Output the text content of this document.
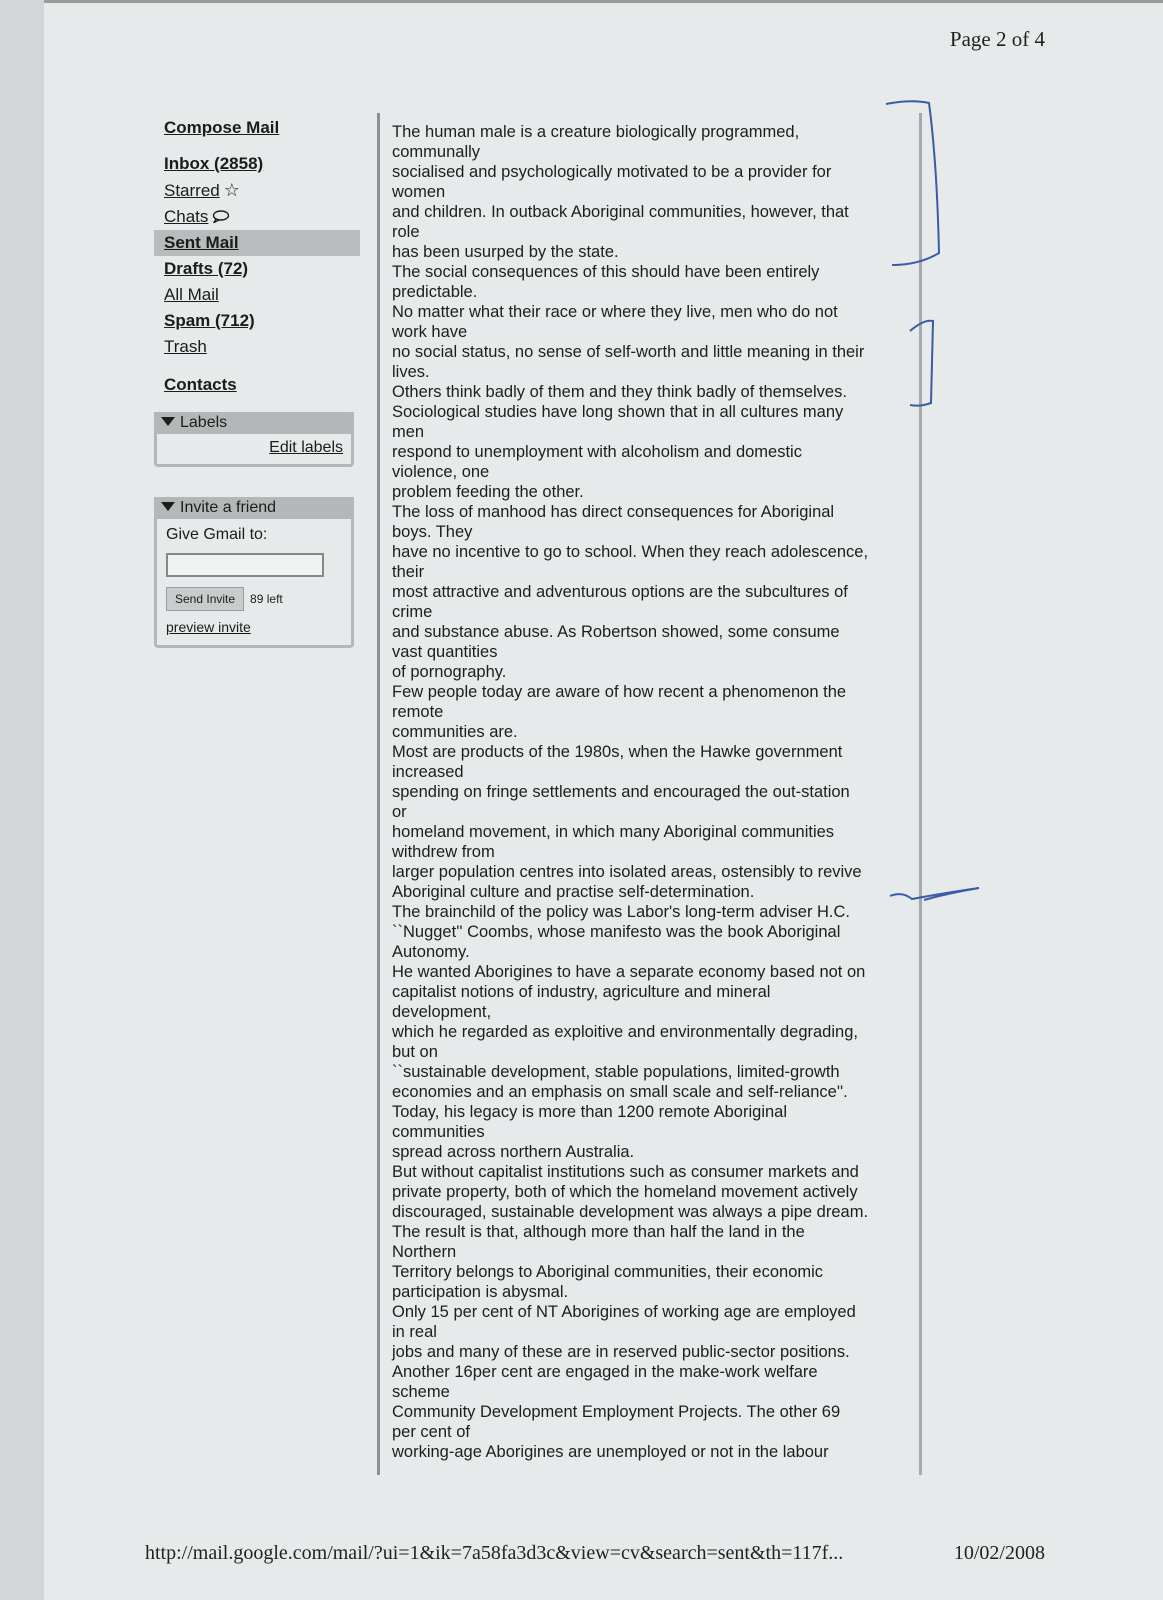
Page 2 of 4
Compose Mail
Inbox (2858)
Starred ☆
Chats
Sent Mail
Drafts (72)
All Mail
Spam (712)
Trash
Contacts
Labels
Edit labels
Invite a friend
Give Gmail to:
Send Invite	89 left
preview invite
The human male is a creature biologically programmed,
communally
socialised and psychologically motivated to be a provider for
women
and children. In outback Aboriginal communities, however, that
role
has been usurped by the state.
The social consequences of this should have been entirely
predictable.
No matter what their race or where they live, men who do not
work have
no social status, no sense of self-worth and little meaning in their
lives.
Others think badly of them and they think badly of themselves.
Sociological studies have long shown that in all cultures many
men
respond to unemployment with alcoholism and domestic
violence, one
problem feeding the other.
The loss of manhood has direct consequences for Aboriginal
boys. They
have no incentive to go to school. When they reach adolescence,
their
most attractive and adventurous options are the subcultures of
crime
and substance abuse. As Robertson showed, some consume
vast quantities
of pornography.
Few people today are aware of how recent a phenomenon the
remote
communities are.
Most are products of the 1980s, when the Hawke government
increased
spending on fringe settlements and encouraged the out-station
or
homeland movement, in which many Aboriginal communities
withdrew from
larger population centres into isolated areas, ostensibly to revive
Aboriginal culture and practise self-determination.
The brainchild of the policy was Labor's long-term adviser H.C.
``Nugget'' Coombs, whose manifesto was the book Aboriginal
Autonomy.
He wanted Aborigines to have a separate economy based not on
capitalist notions of industry, agriculture and mineral
development,
which he regarded as exploitive and environmentally degrading,
but on
``sustainable development, stable populations, limited-growth
economies and an emphasis on small scale and self-reliance''.
Today, his legacy is more than 1200 remote Aboriginal
communities
spread across northern Australia.
But without capitalist institutions such as consumer markets and
private property, both of which the homeland movement actively
discouraged, sustainable development was always a pipe dream.
The result is that, although more than half the land in the
Northern
Territory belongs to Aboriginal communities, their economic
participation is abysmal.
Only 15 per cent of NT Aborigines of working age are employed
in real
jobs and many of these are in reserved public-sector positions.
Another 16per cent are engaged in the make-work welfare
scheme
Community Development Employment Projects. The other 69
per cent of
working-age Aborigines are unemployed or not in the labour
http://mail.google.com/mail/?ui=1&ik=7a58fa3d3c&view=cv&search=sent&th=117f...	10/02/2008
